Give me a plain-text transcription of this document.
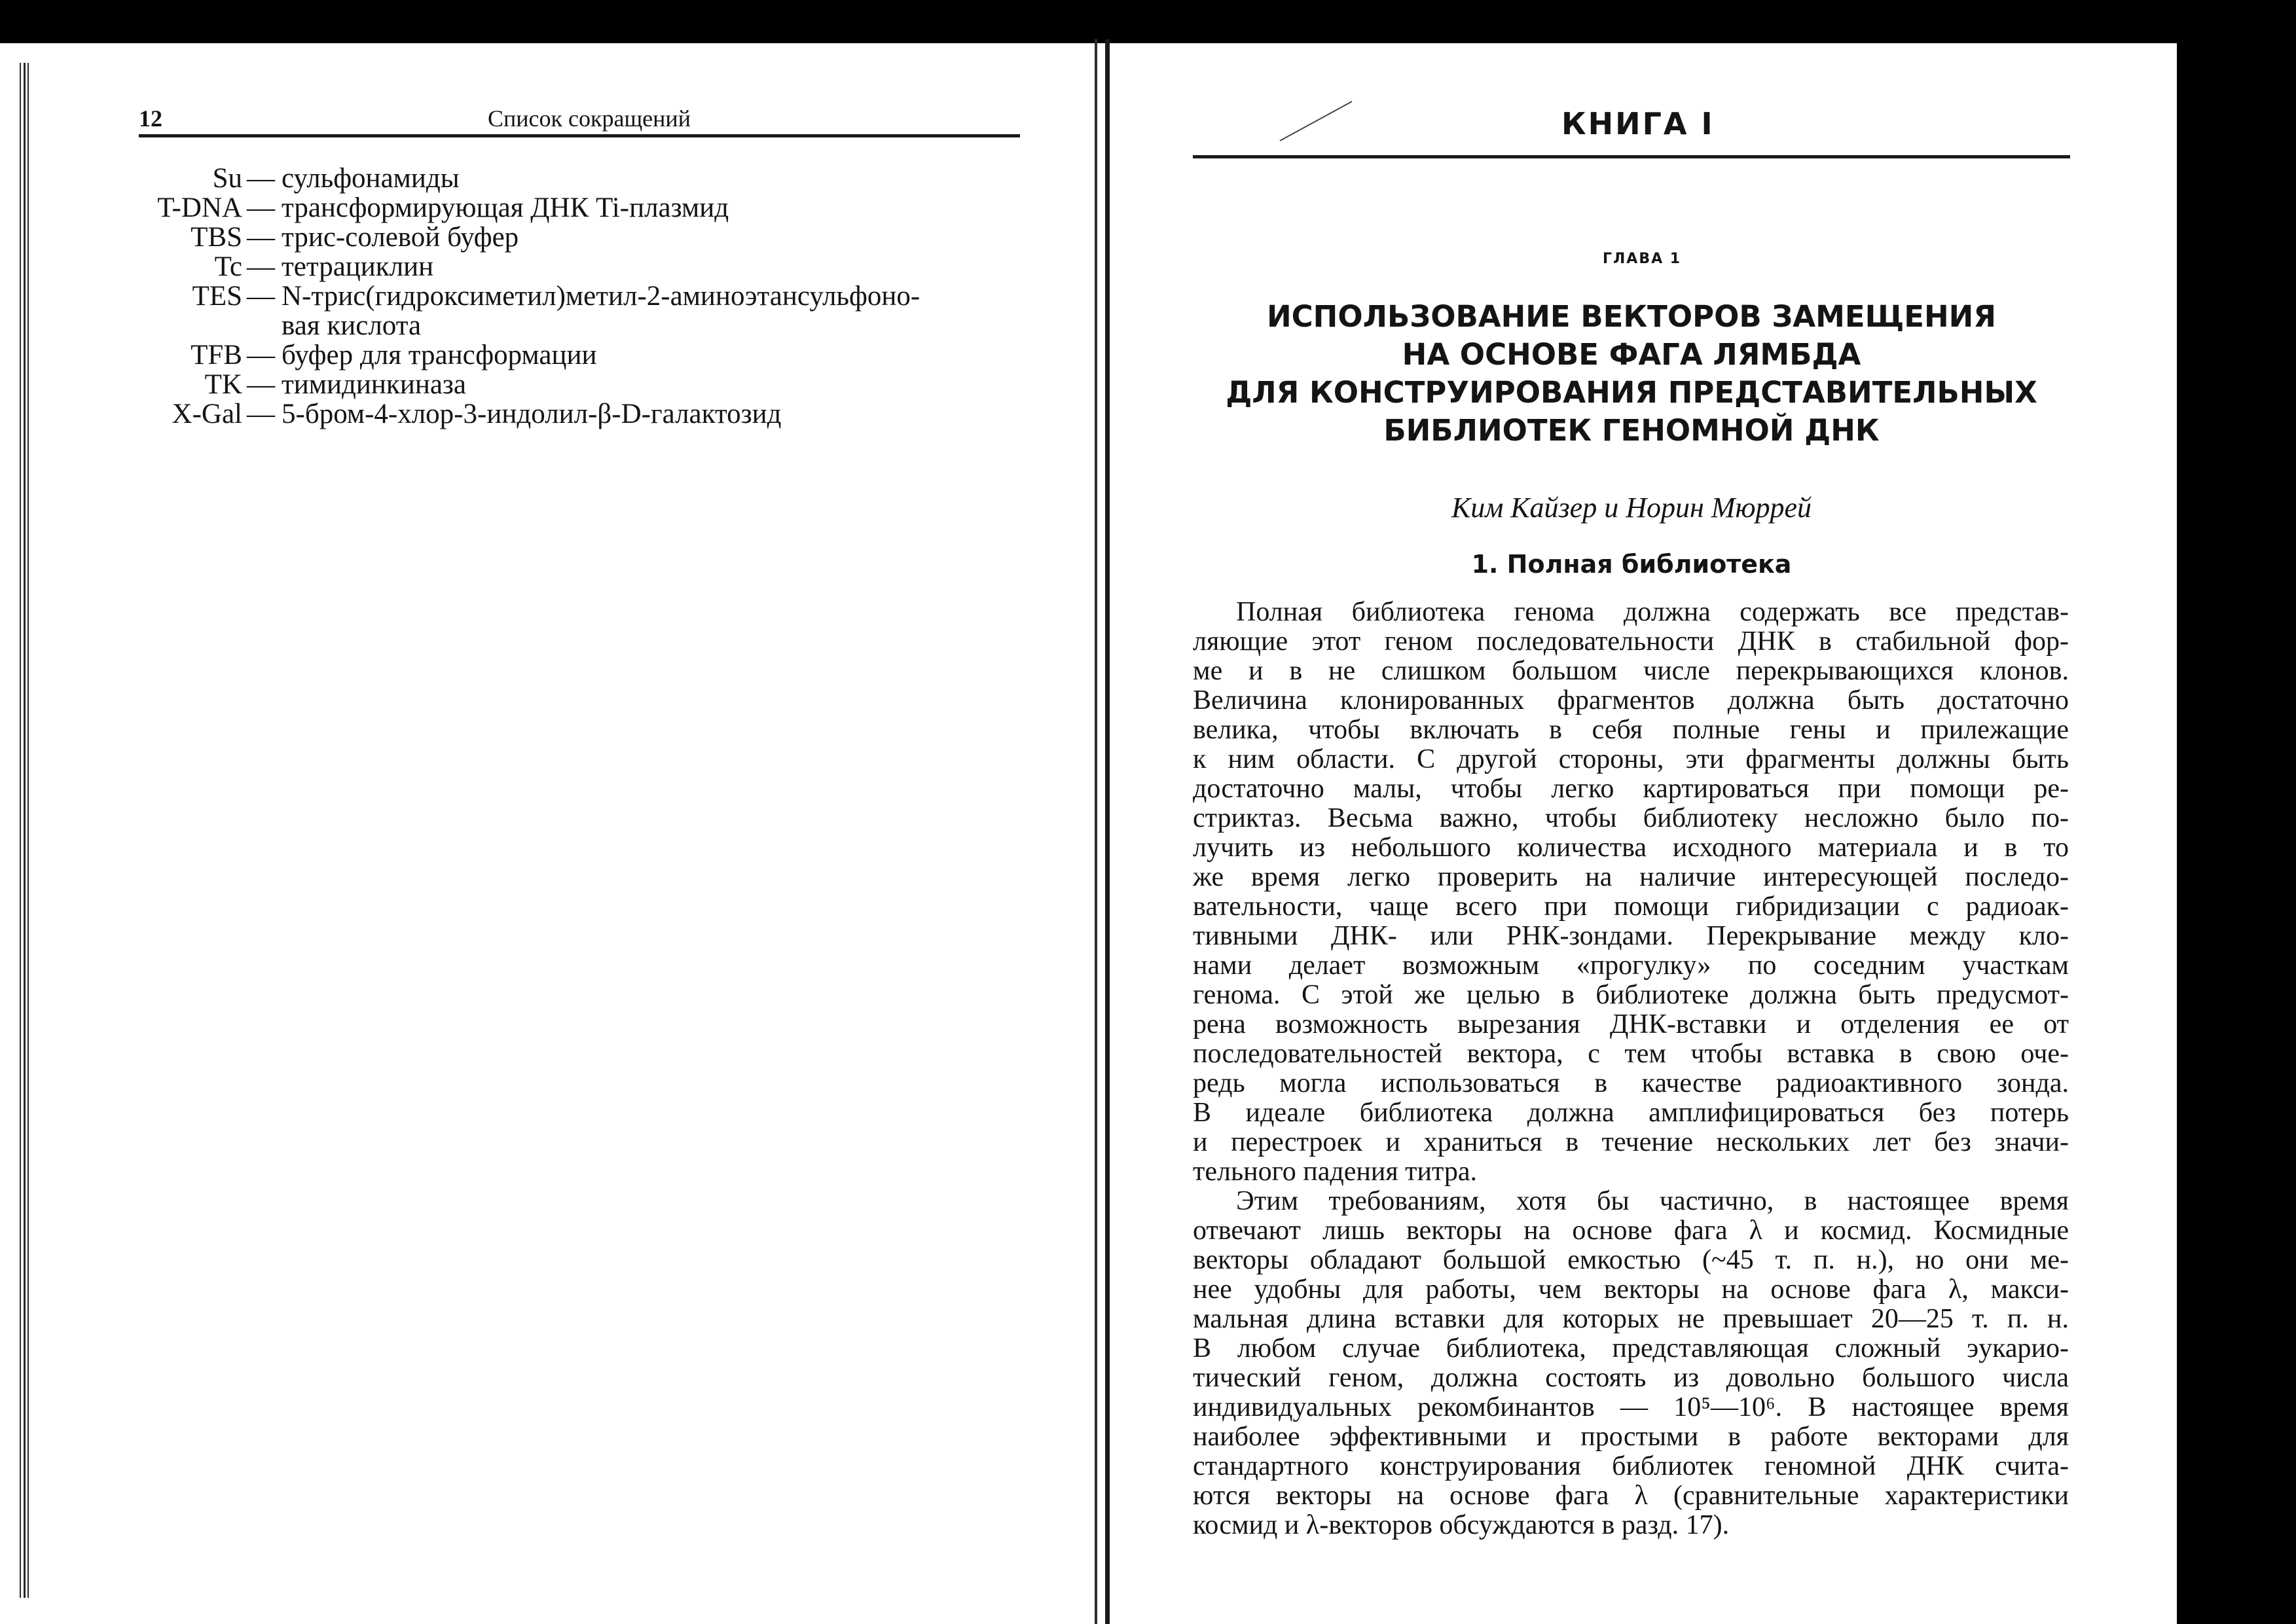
12	Список сокращений
Su — сульфонамиды
T-DNA — трансформирующая ДНК Ti-плазмид
TBS — трис-солевой буфер
Tc — тетрациклин
TES — N-трис(гидроксиметил)метил-2-аминоэтансульфоно-
вая кислота
TFB — буфер для трансформации
TK — тимидинкиназа
X-Gal — 5-бром-4-хлор-3-индолил-β-D-галактозид
КНИГА I
ГЛАВА 1
ИСПОЛЬЗОВАНИЕ ВЕКТОРОВ ЗАМЕЩЕНИЯ
НА ОСНОВЕ ФАГА ЛЯМБДА
ДЛЯ КОНСТРУИРОВАНИЯ ПРЕДСТАВИТЕЛЬНЫХ
БИБЛИОТЕК ГЕНОМНОЙ ДНК
Ким Кайзер и Норин Мюррей
1. Полная библиотека
Полная библиотека генома должна содержать все представ-
ляющие этот геном последовательности ДНК в стабильной фор-
ме и в не слишком большом числе перекрывающихся клонов.
Величина клонированных фрагментов должна быть достаточно
велика, чтобы включать в себя полные гены и прилежащие
к ним области. С другой стороны, эти фрагменты должны быть
достаточно малы, чтобы легко картироваться при помощи ре-
стриктаз. Весьма важно, чтобы библиотеку несложно было по-
лучить из небольшого количества исходного материала и в то
же время легко проверить на наличие интересующей последо-
вательности, чаще всего при помощи гибридизации с радиоак-
тивными ДНК- или РНК-зондами. Перекрывание между кло-
нами делает возможным «прогулку» по соседним участкам
генома. С этой же целью в библиотеке должна быть предусмот-
рена возможность вырезания ДНК-вставки и отделения ее от
последовательностей вектора, с тем чтобы вставка в свою оче-
редь могла использоваться в качестве радиоактивного зонда.
В идеале библиотека должна амплифицироваться без потерь
и перестроек и храниться в течение нескольких лет без значи-
тельного падения титра.
Этим требованиям, хотя бы частично, в настоящее время
отвечают лишь векторы на основе фага λ и космид. Космидные
векторы обладают большой емкостью (~45 т. п. н.), но они ме-
нее удобны для работы, чем векторы на основе фага λ, макси-
мальная длина вставки для которых не превышает 20—25 т. п. н.
В любом случае библиотека, представляющая сложный эукарио-
тический геном, должна состоять из довольно большого числа
индивидуальных рекомбинантов — 10⁵—10⁶. В настоящее время
наиболее эффективными и простыми в работе векторами для
стандартного конструирования библиотек геномной ДНК счита-
ются векторы на основе фага λ (сравнительные характеристики
космид и λ-векторов обсуждаются в разд. 17).
